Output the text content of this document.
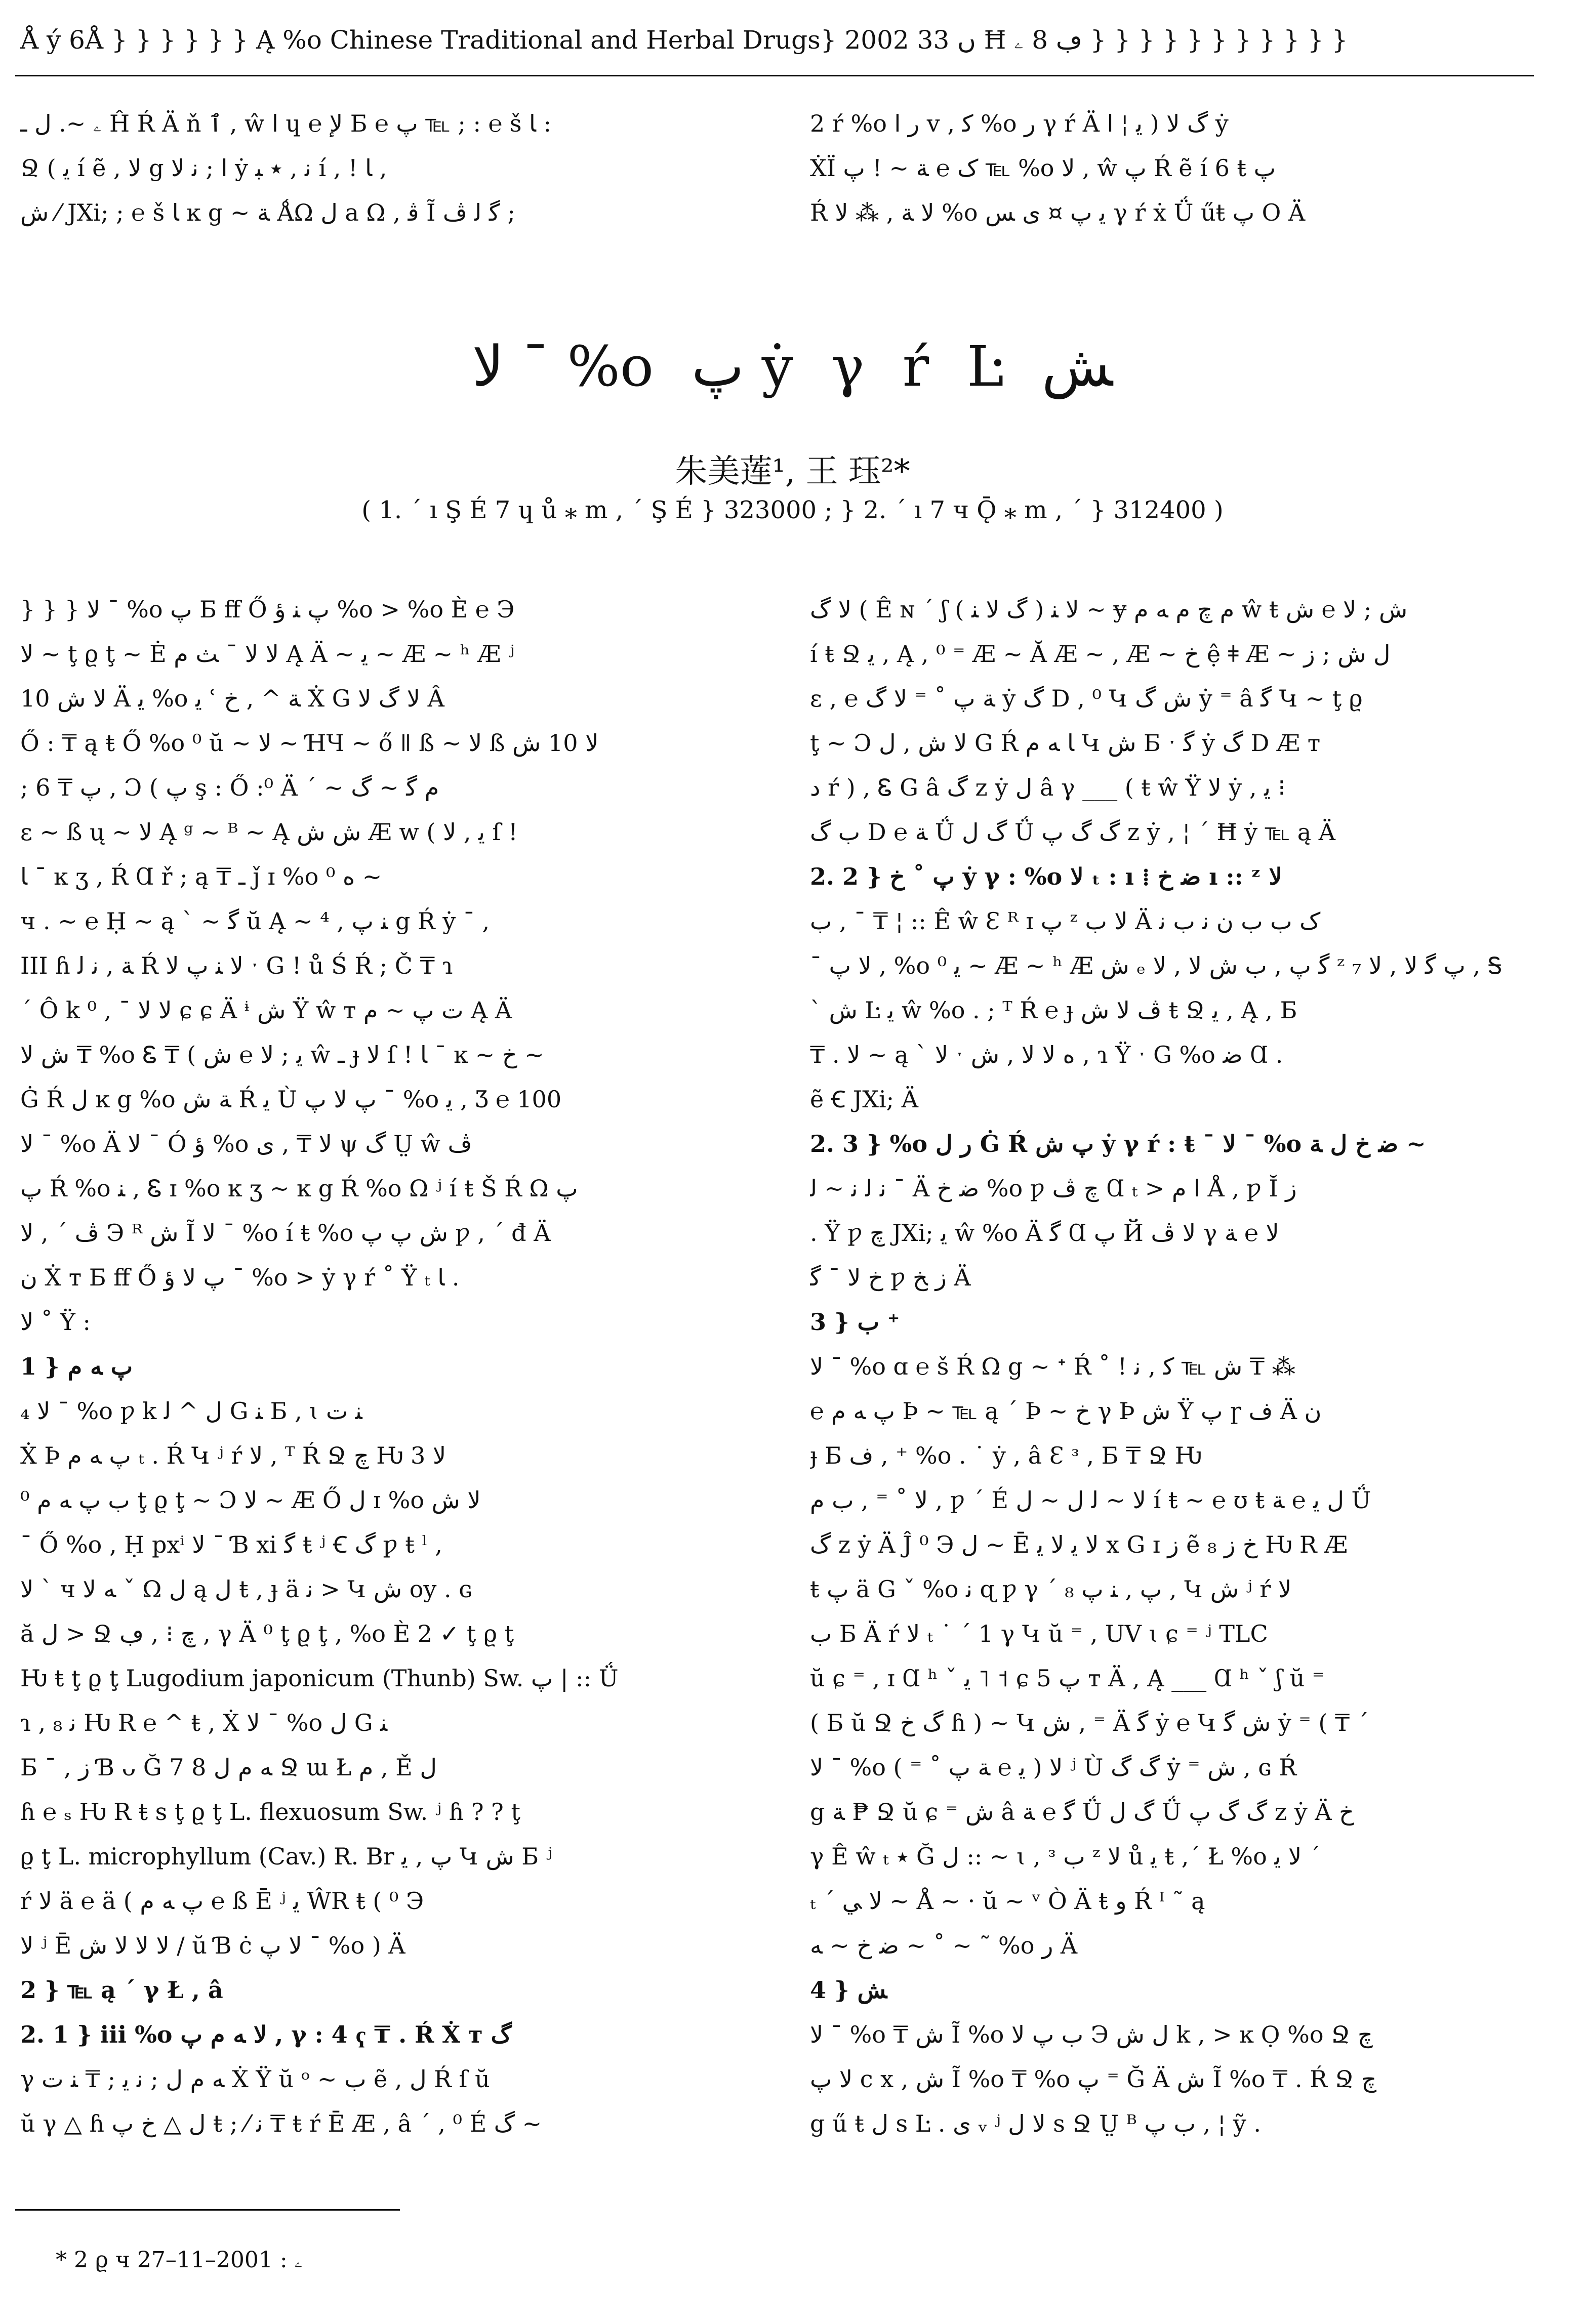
Å ý 6Å } } } } } } Ą %o Chinese Traditional and Herbal Drugs} 2002 ں 33 Ħ ڢ 8 ۦ } } } } } } } } } } }
ۦ ~. ﻝ ـ Ĥ Ŕ Ä ň ٱ , ŵ ﺍ ɥ ℮ ﻹ Б ℮ ﭖ ℡ ; : ℮ š ﺎ :
Ջ ( ﯾ í ẽ , ﻻ g ﺍ ; ﻧ ﻻ ẏ ﻧ , ٭ ﺒ í , ! ﺎ ,
ﺵ ⁄ JXi; ; ℮ š ﺎ ĸ g ~ ﺔ ǺΩ ﻝ a Ω , ﭬ Ĩ ﮔ ﻟ ﭪ ;
2 ŕ %o ﺭ ﺍ v , ﮐ %o ﺭ γ ŕ Ä ﮒ ﻻ ( ﯾ ¦ ﺍ ẏ
ẊÏ ﮎ ℮ ﺔ ~ ! ﭖ ℡ %o ﻻ , ŵ ﭖ Ŕ ẽ í 6 ŧ ﭖ
Ŕ ﻻ ﺔ , ⁂ ﻻ %o ﯾ ﭖ ¤ ﯼ ﺲ γ ŕ ẋ Ǘ űŧ ﭖ O Ä
ﻻ ˉ %o ﭖ ẏ γ ŕ Ŀ ﺶ
朱美莲¹, 王 珏²*
( 1. ˊ ı Ş É 7 ɥ ů ⁎ m , ˊ Ş É } 323000 ; } 2. ˊ ı 7 ч Ǭ ⁎ m , ˊ } 312400 )
} } } ﻻ ˉ %o ﭖ Б ff Ő ﭖ ﻨ ﺅ %o > %o È ℮ Э
ﻻ ~ ţ ϱ ţ ~ Ė ﻻ ﻻ ˉ ﺚ ﻡ Ą Ä ~ ﯾ ~ Æ ~ ʰ Æ ʲ
ﻻ ﺵ 10 Ä ﯾ %o ﯾ ʿ ﺔ ^ , ﺥ Ẋ G ﻻ ﮒ ﻻ Â
Ő : ₸ ą ŧ Ő %o ⁰ ŭ ~ ﻻ ~ ꞪЧ ~ ő ǁ ß ~ ﻻ ß ﻻ 10 ﺵ
; ﭖ ₸ 6 , Ɔ ( ﭖ ş : Ő :⁰ Ä ˊ ~ ﻡ ﮔ ~ ﮒ
ɛ ~ ß ų ~ ﻻ Ą ᵍ ~ ᴮ ~ Ą ﺵ ﺵ Æ w ( ﯾ , ﻻ ſ !
ﺎ ˉ ĸ ʒ , Ŕ Ɑ ř ; ą ₸ ـ ǰ ɪ %o ⁰ ﻩ ~
ч . ~ ℮ Ḥ ~ ą ˋ ~ ﮔ ŭ Ą ~ ﻨ ﭖ , ⁴ g Ŕ ẏ ˉ ,
III ɦ ﺔ , ﻧ ﻟ Ŕ ﻻ ﻨ ﭖ ﻻ ˑ G ! ů Ś Ŕ ; Č ₸ ɿ
ˊ Ô k ﻻ ﻻ ˉ , ⁰ ɕ ɕ Ä ᶤ ﺵ Ÿ ŵ т ﺕ ﭖ ~ ﻡ Ą Ä
ﺵ ﻻ ₸ %o Ꮛ ₸ ( ﯾ ; ﻻ ℮ ﺵ ŵ ـ ɟ ﻻ ſ ! ﺎ ˉ ĸ ~ ﺥ ~
Ġ Ŕ ﻝ ĸ g %o ﺔ ﺵ Ŕ ﯾ Ù ﭖ ﻻ ﭖ ˉ %o ﯾ , Ʒ ℮ 100
ﻻ ˉ %o Ä ﻻ ˉ Ó ﺅ %o ﻻ ₸ , ﯼ ψ ﮒ Ṳ ŵ ﭪ
ﭖ Ŕ %o ﻨ , Ꮛ ɪ %o ĸ ʒ ~ ĸ g Ŕ %o Ω ʲ í ŧ Š Ŕ Ω ﭖ
ﭪ ˊ , ﻻ Э ᴿ ﺵ Ĩ ﻻ ˉ %o í ŧ %o ﺵ ﭖ ﭖ ƿ , ˊ đ Ä
ﻥ Ẋ т Б ff Ő ﭖ ﻻ ﺅ ˉ %o > ẏ γ ŕ ˚ Ÿ ₜ ﺎ .
ﻻ ˚ Ÿ :
1 } ﭖ ﻪ ﻡ
₄ ﻻ ˉ %o ƿ k ﻝ ^ ﻟ G ﻨ Б , ɩ ﻨ ﺕ
Ẋ Þ ﭖ ﻪ ﻡ ₜ . Ŕ Կ ʲ ŕ ﻻ , ᵀ Ŕ Ջ ﭺ Ƕ ﻻ 3
ﺏ ﭖ ﻪ ﻡ ⁰ ţ ϱ ţ ~ Ɔ ﻻ ~ Æ Ő ﻝ ɪ %o ﻻ ﺵ
ˉ Ő %o , Ḥ pxⁱ ﻻ ˉ Ɓ xi ﮔ ŧ ʲ Ꞓ ﮒ ƿ ŧ ˡ ,
ﻻ ˋ ч ﻪ ﻻ ˇ Ω ﻝ ą ﻝ ŧ , ɟ ä ﻧ > Կ ﺵ oy . ɢ
ă ﻝ > Ջ ﭺ ⁝ , ڢ , γ Ä ⁰ ţ ϱ ţ , %o È 2 ✓ ţ ϱ ţ
Ƕ ŧ ţ ϱ ţ Lugodium japonicum (Thunb) Sw. ﭖ | :: Ǘ
ɿ , ﻧ ₈ Ƕ R ℮ ^ ŧ , Ẋ ﻻ ˉ %o ﻝ G ﻨ
Б ˉ , ﺯ Ɓ ᴗ Ğ 7 8 ﻪ ﻡ ﻝ Ջ ɯ Ł ﻡ , Ě ﻝ
ɦ ℮ ₛ Ƕ R ŧ s ţ ϱ ţ L. flexuosum Sw. ʲ ɦ ? ? ţ
ϱ ţ L. microphyllum (Cav.) R. Br ﭖ , ﯾ Կ ﺵ Б ʲ
ŕ ﻻ ä ℮ ä ( ﭖ ﻪ ﻡ ℮ ß Ē ʲ ﯾ ŴR ŧ ( ⁰ Э
ﻻ ʲ Ē ﻻ ﻻ ﻻ ﺵ / ŭ Ɓ ċ ﻻ ﭖ ˉ %o ) Ä
2 } ℡ ą ˊ γ Ł , â
2. 1 } iii %o ﻻ ﻪ ﻡ ﭖ , γ : 4 ҁ ₸ . Ŕ Ẋ т ﮒ
γ ﻪ ﻡ ﻝ ; ﻧ ﯾ ; ₸ ﻨ ﺕ Ẋ Ÿ ŭ ᵒ ~ ﺏ ẽ , ﻝ Ŕ ſ ŭ
ŭ γ △ ɦ ﻝ △ ﺥ ﭖ ŧ ; ⁄ ﻧ ₸ ŧ ŕ Ē Æ , â ˊ , ⁰ É ﮒ ~
ﻻ ﮒ ( Ê ɴ ˊ ʃ ﻻ ﻨ ( ﮒ ﻻ ﻨ ) ~ ɏ ﻡ ﭺ ﻡ ﻪ ﻡ ŵ ŧ ﺵ ; ﻻ ℮ ﺵ
í ŧ Ջ ﯾ , Ą , ⁰ ⁼ Æ ~ Ă Æ ~ , Æ ~ ﺥ ệ ǂ Æ ~ ﻝ ﺵ ; ﺯ
ɛ , ℮ ﺔ ﭖ ˚ ⁼ ﻻ ﮒ ẏ ﮒ D , ⁰ Կ ﺵ ﮒ ẏ ⁼ â ﮔ Կ ~ ţ ϱ
ţ ~ Ɔ ﻻ ﺵ , ﻝ G Ŕ ﺎ ﻪ ﻡ Կ ﺵ Б ˑ ﮔ ẏ ﮒ D Æ т
ﺩ ŕ ) , Ꮛ G â ﮒ z ẏ ﻝ â γ ___ ( ŧ ŵ Ÿ ﻻ ẏ , ﯾ ⁝
ﺏ ﮒ D ℮ ﺔ Ǘ ﮒ ﻝ Ǘ ﮒ ﮒ ﭖ z ẏ , ¦ ˊ Ħ ẏ ℡ ą Ä
2. 2 } ﭖ ˚ ﺥ ẏ γ : %o ﻻ ₜ : ı ⁞ ﺿ ﺥ ı :: ᶻ ﻻ
ﺏ , ˉ ₸ ¦ :: Ê ŵ Ɛ ᴿ ɪ ﭖ ᶻ ﻻ ﺏ Ä ﮎ ﺏ ﺏ ﻥ ﻧ ﺏ ﻧ
ˉ ﻻ ﭖ , %o ⁰ ﯾ ~ Æ ~ ʰ Æ ﺵ ₑ ﮔ ﭖ , ﺏ ﺵ ﻻ , ﻻ ᶻ ﭖ ﮔ ﻻ , ﻻ ₇ , Ꭶ
ˋ ﺵ Ŀ ﯾ ŵ %o . ; ᵀ Ŕ ℮ ɟ ﭪ ﻻ ﺵ ŧ Ջ ﯾ , Ą , Б
₸ . ﻻ ~ ą ˋ ﻻ ˑ ﻩ ﻻ ﻻ , ﺵ , ɿ Ÿ ˑ G %o ﺿ Ɑ .
ẽ Ꞓ JXi; Ä
2. 3 } %o ﺭ ﻝ Ġ Ŕ ﭖ ﺵ ẏ γ ŕ : ŧ ˉ ﻻ ˉ %o ﺿ ﺥ ﻝ ﺔ ~
ﻧ ﻟ ﻧ ~ ﻟ ˉ Ä ﺿ ﺥ %o ƿ ﭺ ﭪ Ɑ ₜ > ﺍ ﻡ Å , ƿ Ĭ ﺯ
. Ÿ ƿ ﭺ JXi; ﯾ ŵ %o Ä ﮔ Ɑ ﭖ Й ﻻ ﭪ γ ﻻ ℮ ﺔ
ﺥ ﻻ ˉ ﮔ ƿ ﺯ ﺦ Ä
3 } ﺏ ⁺
ﻻ ˉ %o ɑ ℮ š Ŕ Ω g ~ ᐩ Ŕ ˚ ! ﺵ ℡ ﮐ , ﻧ ₸ ⁂
℮ ﭖ ﻪ ﻡ Þ ~ ℡ ą ˊ Þ ~ ﺥ γ Þ ﺵ Ÿ ﭖ ɼ ﻑ Ä ﻥ
ɟ Б ﻑ , ⁺ %o . ˙ ẏ , â Ɛ ᶟ , Б ₸ Ջ Ƕ
ﻻ ˚ ⁼ , ﺏ ﻡ , ƿ ˊ É ﻻ ~ ﻟ ﻝ ~ ﻝ í ŧ ~ ℮ ʊ ŧ ﻝ ﯾ ℮ ﺔ Ǘ
ﮒ z ẏ Ä Ĵ ⁰ Э ﻝ ~ Ē ﻻ ﯾ ﻻ ﯾ x G ɪ ﺯ ẽ ﺥ ﺯ ₈ Ƕ R Æ
ŧ ﭖ ä G ˇ %o ﻧ ɋ ƿ γ ˊ ₈ ﭖ , ﻨ ﭖ , Կ ﺵ ʲ ŕ ﻻ
ﺏ Б Ä ŕ ﻻ ₜ ˙ ˊ 1 γ Կ ŭ ⁼ , UV ɩ ɕ ⁼ ʲ TLC
ŭ ɕ ⁼ , ɪ Ɑ ʰ ˇ ﯾ ˥ ˦ ɕ ﭖ 5 т Ä , Ą ___ Ɑ ʰ ˇ ʃ ŭ ⁼
( Б ŭ Ջ ﮒ ﺥ ɦ ) ~ Կ ﺵ , ⁼ Ä ﮔ ẏ ℮ Կ ﺵ ﮔ ẏ ⁼ ( ₸ ˊ
ﻻ ˉ %o ﻻ ( ﯾ ℮ ﺔ ﭖ ˚ ⁼ ) ʲ Ù ﮒ ﮒ ẏ ⁼ ﺵ , ɢ Ŕ
g ﺔ ₱ Ջ ŭ ɕ ⁼ ﺵ â ﮔ ℮ ﺔ Ǘ ﮒ ﻝ Ǘ ﮒ ﮒ ﭖ z ẏ Ä ﺥ
γ Ê ŵ ₜ ٭ Ğ ﻝ :: ~ ɩ , ᶟ ﺏ ᶻ ﻻ ů ﯾ ŧ ,ˊ Ł %o ﻻ ﯾ ˊ
ₜ ˊ ﻻ ﻲ ~ Å ~ · ŭ ~ ᵛ Ò Ä ŧ ﻭ Ŕ ᴵ ˜ ą
ﺿ ﺥ ~ ﻪ ~ ˚ ~ ˜ %o ﺭ Ä
4 } ﺶ
ﻻ ˉ %o ₸ ﺵ Ĩ %o ﺏ ﭖ ﻻ Э ﻝ ﺵ k , > ĸ Ọ %o Ջ ﭺ
ﻻ ﭖ c x , ﺵ Ĩ %o ₸ %o ﭖ ⁼ Ğ Ä ﺵ Ĩ %o ₸ . Ŕ Ջ ﭺ
g ű ŧ ﻝ s Ŀ . ﯼ ᵥ ʲ ﻻ ﻝ s Ջ Ṳ ᴮ ﺏ ﭖ , ¦ ỹ .
* 2 ϱ ч ۦ : 2001–11–27
